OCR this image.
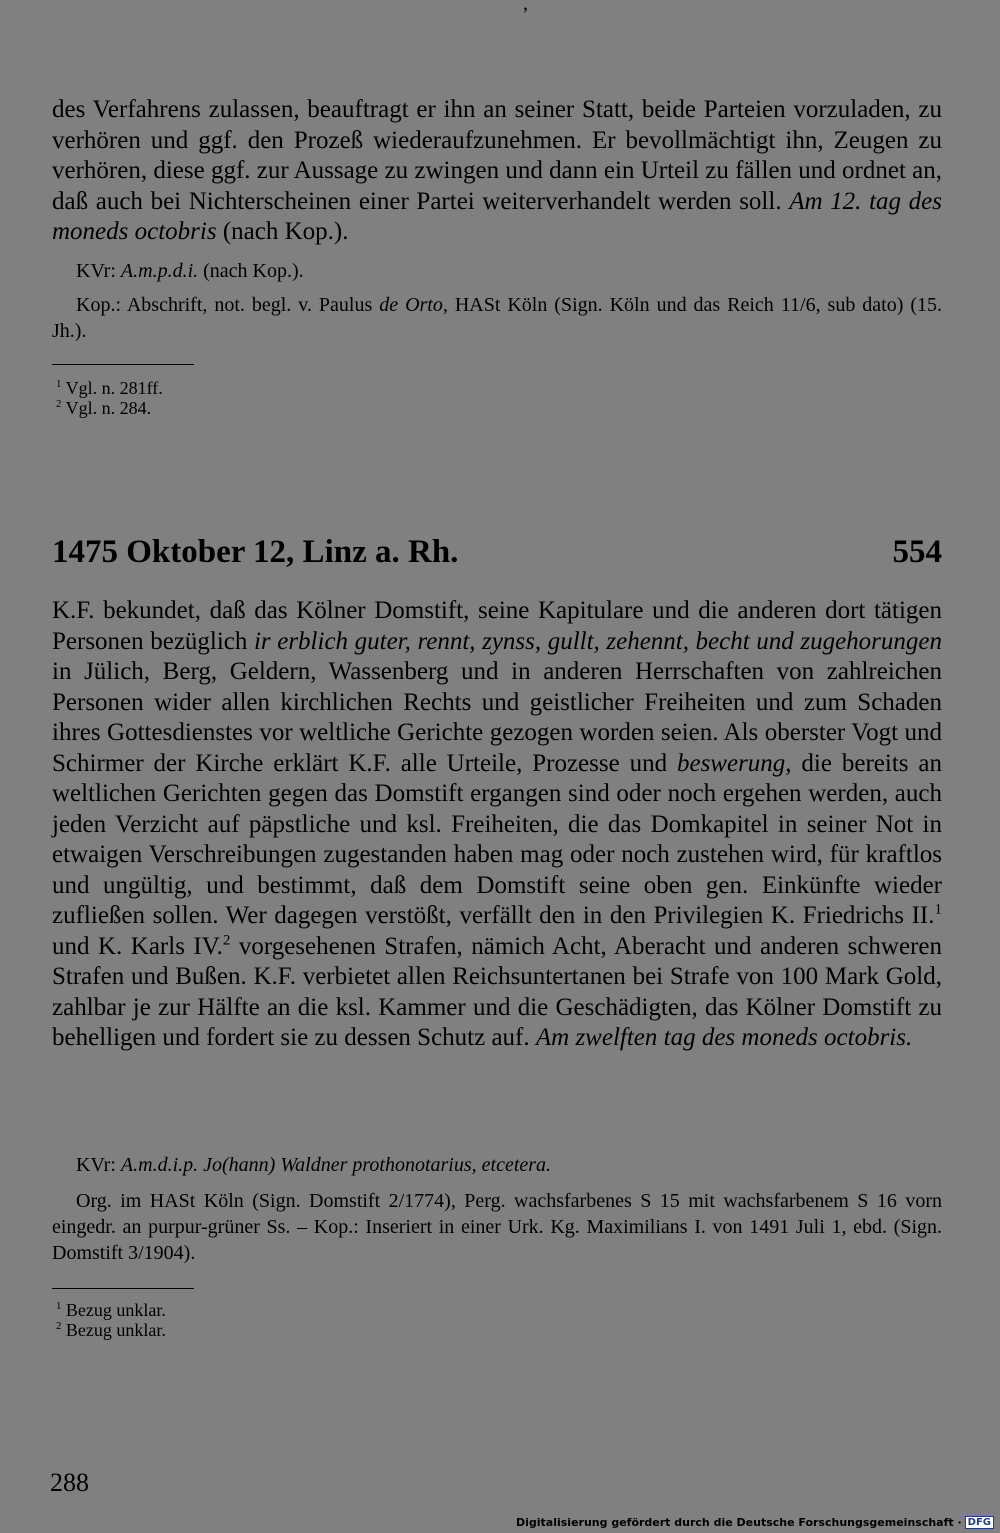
ʼ

des Verfahrens zulassen, beauftragt er ihn an seiner Statt, beide Parteien vorzuladen, zu verhören und ggf. den Prozeß wiederaufzunehmen. Er bevollmächtigt ihn, Zeugen zu verhören, diese ggf. zur Aussage zu zwingen und dann ein Urteil zu fällen und ordnet an, daß auch bei Nichterscheinen einer Partei weiterverhandelt werden soll. Am 12. tag des moneds octobris (nach Kop.).

KVr: A.m.p.d.i. (nach Kop.).
Kop.: Abschrift, not. begl. v. Paulus de Orto, HASt Köln (Sign. Köln und das Reich 11/6, sub dato) (15. Jh.).
$^1$ Vgl. n. 281ff.
$^2$ Vgl. n. 284.
1475 Oktober 12, Linz a. Rh.	554

K.F. bekundet, daß das Kölner Domstift, seine Kapitulare und die anderen dort tätigen Personen bezüglich ir erblich guter, rennt, zynss, gullt, zehennt, becht und zugehorungen in Jülich, Berg, Geldern, Wassenberg und in anderen Herrschaften von zahlreichen Personen wider allen kirchlichen Rechts und geistlicher Freiheiten und zum Schaden ihres Gottesdienstes vor weltliche Gerichte gezogen worden seien. Als oberster Vogt und Schirmer der Kirche erklärt K.F. alle Urteile, Prozesse und beswerung, die bereits an weltlichen Gerichten gegen das Domstift ergangen sind oder noch ergehen werden, auch jeden Verzicht auf päpstliche und ksl. Freiheiten, die das Domkapitel in seiner Not in etwaigen Verschreibungen zugestanden haben mag oder noch zustehen wird, für kraftlos und ungültig, und bestimmt, daß dem Domstift seine oben gen. Einkünfte wieder zufließen sollen. Wer dagegen verstößt, verfällt den in den Privilegien K. Friedrichs II.$^1$ und K. Karls IV.$^2$ vorgesehenen Strafen, nämich Acht, Aberacht und anderen schweren Strafen und Bußen. K.F. verbietet allen Reichsuntertanen bei Strafe von 100 Mark Gold, zahlbar je zur Hälfte an die ksl. Kammer und die Geschädigten, das Kölner Domstift zu behelligen und fordert sie zu dessen Schutz auf. Am zwelften tag des moneds octobris.

KVr: A.m.d.i.p. Jo(hann) Waldner prothonotarius, etcetera.
Org. im HASt Köln (Sign. Domstift 2/1774), Perg. wachsfarbenes S 15 mit wachsfarbenem S 16 vorn eingedr. an purpur-grüner Ss. – Kop.: Inseriert in einer Urk. Kg. Maximilians I. von 1491 Juli 1, ebd. (Sign. Domstift 3/1904).
$^1$ Bezug unklar.
$^2$ Bezug unklar.
288
Digitalisierung gefördert durch die Deutsche Forschungsgemeinschaft · DFG
